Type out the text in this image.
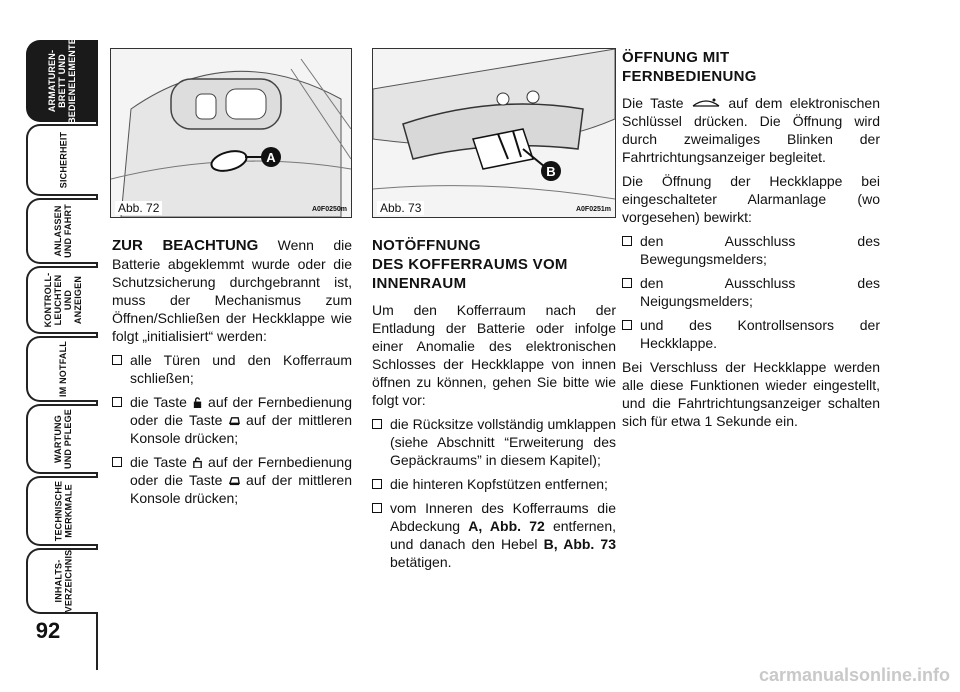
ARMATUREN-
BRETT UND
BEDIENELEMENTE
SICHERHEIT
ANLASSEN
UND FAHRT
KONTROLL-
LEUCHTEN
UND ANZEIGEN
IM NOTFALL
WARTUNG
UND PFLEGE
TECHNISCHE
MERKMALE
INHALTS-
VERZEICHNIS
92
A
Abb. 72	A0F0250m
B
Abb. 73	A0F0251m

ZUR BEACHTUNG Wenn die Batterie abgeklemmt wurde oder die Schutzsicherung durchgebrannt ist, muss der Mechanismus zum Öffnen/Schließen der Heckklappe wie folgt „initialisiert“ werden:

alle Türen und den Kofferraum schließen;
die Taste  auf der Fernbedienung oder die Taste  auf der mittleren Konsole drücken;
die Taste  auf der Fernbedienung oder die Taste  auf der mittleren Konsole drücken;
NOTÖFFNUNG
DES KOFFERRAUMS VOM
INNENRAUM

Um den Kofferraum nach der Entladung der Batterie oder infolge einer Anomalie des elektronischen Schlosses der Heckklappe von innen öffnen zu können, gehen Sie bitte wie folgt vor:

die Rücksitze vollständig umklappen (siehe Abschnitt “Erweiterung des Gepäckraums” in diesem Kapitel);
die hinteren Kopfstützen entfernen;
vom Inneren des Kofferraums die Abdeckung A, Abb. 72 entfernen, und danach den Hebel B, Abb. 73 betätigen.
ÖFFNUNG MIT
FERNBEDIENUNG

Die Taste  auf dem elektronischen Schlüssel drücken. Die Öffnung wird durch zweimaliges Blinken der Fahrtrichtungsanzeiger begleitet.

Die Öffnung der Heckklappe bei eingeschalteter Alarmanlage (wo vorgesehen) bewirkt:

den Ausschluss des Bewegungsmelders;
den Ausschluss des Neigungsmelders;
und des Kontrollsensors der Heckklappe.

Bei Verschluss der Heckklappe werden alle diese Funktionen wieder eingestellt, und die Fahrtrichtungsanzeiger schalten sich für etwa 1 Sekunde ein.

carmanualsonline.info
